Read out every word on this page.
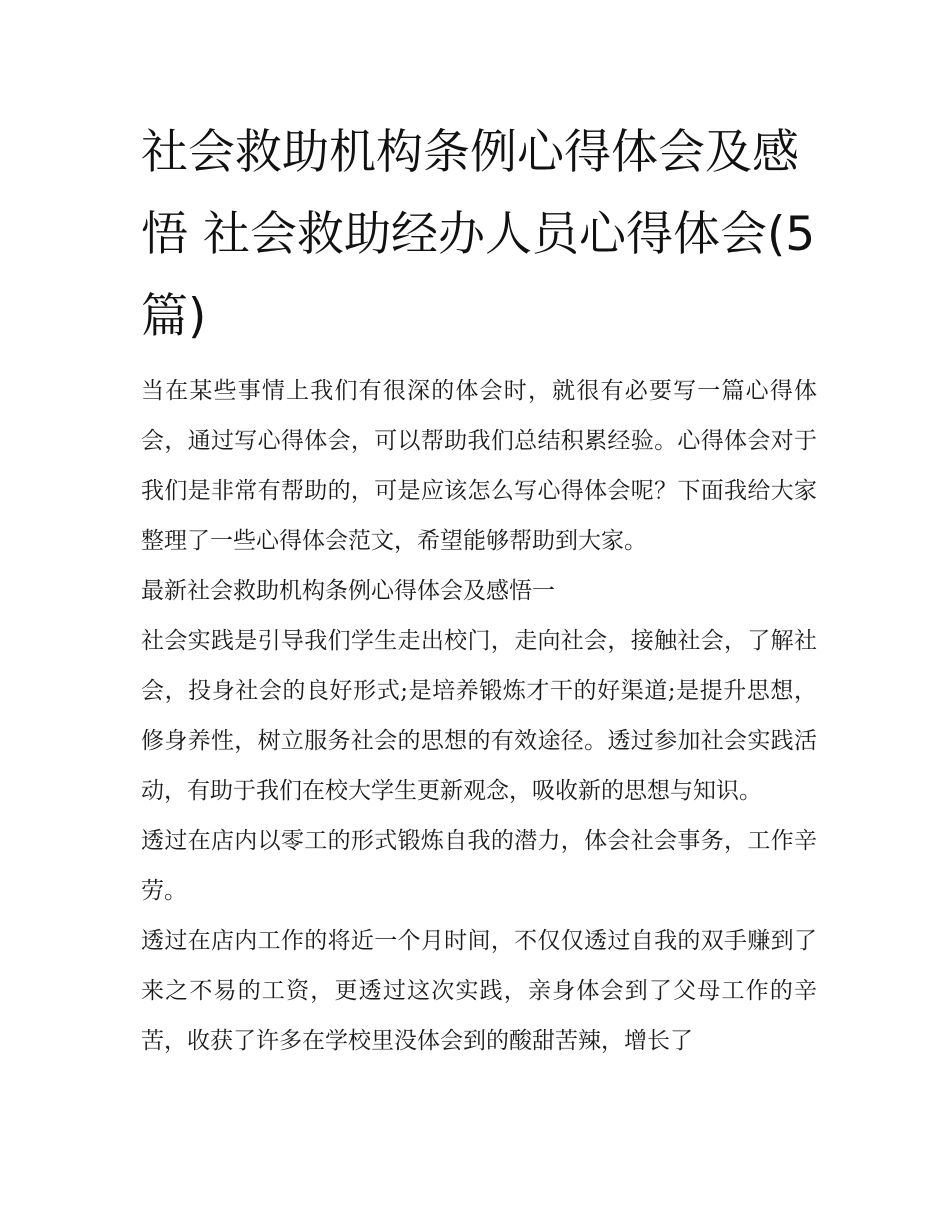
社会救助机构条例心得体会及感悟 社会救助经办人员心得体会(5篇)

当在某些事情上我们有很深的体会时，就很有必要写一篇心得体会，通过写心得体会，可以帮助我们总结积累经验。心得体会对于我们是非常有帮助的，可是应该怎么写心得体会呢？下面我给大家整理了一些心得体会范文，希望能够帮助到大家。

最新社会救助机构条例心得体会及感悟一

社会实践是引导我们学生走出校门，走向社会，接触社会，了解社会，投身社会的良好形式;是培养锻炼才干的好渠道;是提升思想，修身养性，树立服务社会的思想的有效途径。透过参加社会实践活动，有助于我们在校大学生更新观念，吸收新的思想与知识。

透过在店内以零工的形式锻炼自我的潜力，体会社会事务，工作辛劳。

透过在店内工作的将近一个月时间，不仅仅透过自我的双手赚到了来之不易的工资，更透过这次实践，亲身体会到了父母工作的辛苦，收获了许多在学校里没体会到的酸甜苦辣，增长了
